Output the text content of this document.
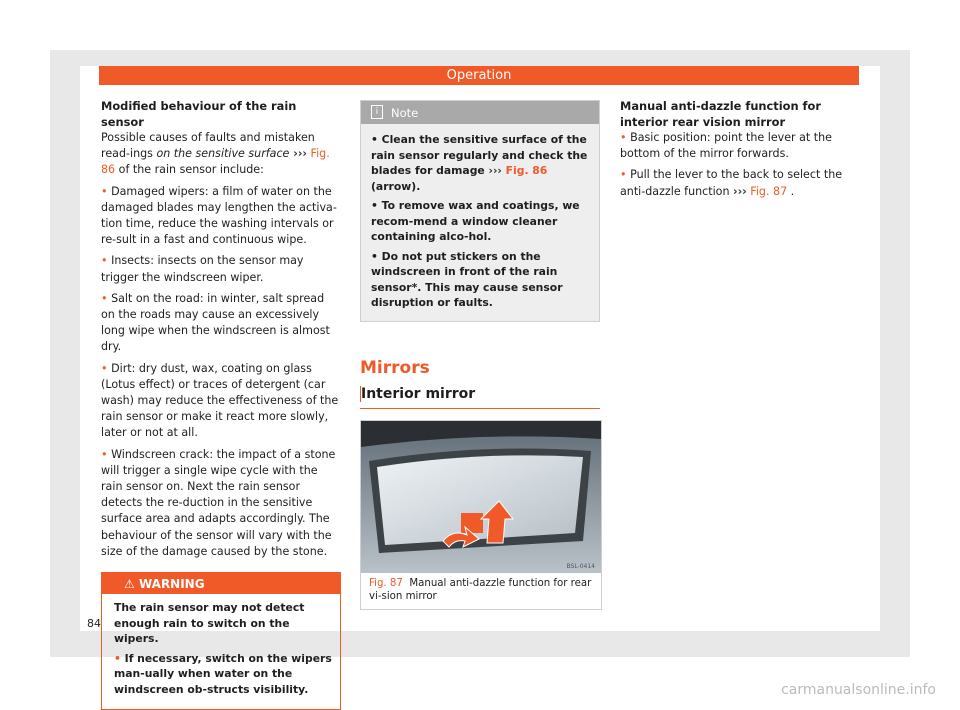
Operation
Modified behaviour of the rain sensor

Possible causes of faults and mistaken read-ings on the sensitive surface ››› Fig. 86 of the rain sensor include:

• Damaged wipers: a film of water on the damaged blades may lengthen the activa-tion time, reduce the washing intervals or re-sult in a fast and continuous wipe.

• Insects: insects on the sensor may trigger the windscreen wiper.

• Salt on the road: in winter, salt spread on the roads may cause an excessively long wipe when the windscreen is almost dry.

• Dirt: dry dust, wax, coating on glass (Lotus effect) or traces of detergent (car wash) may reduce the effectiveness of the rain sensor or make it react more slowly, later or not at all.

• Windscreen crack: the impact of a stone will trigger a single wipe cycle with the rain sensor on. Next the rain sensor detects the re-duction in the sensitive surface area and adapts accordingly. The behaviour of the sensor will vary with the size of the damage caused by the stone.

⚠ WARNING

The rain sensor may not detect enough rain to switch on the wipers.

• If necessary, switch on the wipers man-ually when water on the windscreen ob-structs visibility.

i	Note

• Clean the sensitive surface of the rain sensor regularly and check the blades for damage ››› Fig. 86 (arrow).

• To remove wax and coatings, we recom-mend a window cleaner containing alco-hol.

• Do not put stickers on the windscreen in front of the rain sensor*. This may cause sensor disruption or faults.

Mirrors
Interior mirror
BSL-0414
Fig. 87 Manual anti-dazzle function for rear vi-sion mirror
Manual anti-dazzle function for interior rear vision mirror

• Basic position: point the lever at the bottom of the mirror forwards.

• Pull the lever to the back to select the anti-dazzle function ››› Fig. 87 .

84
carmanualsonline.info
